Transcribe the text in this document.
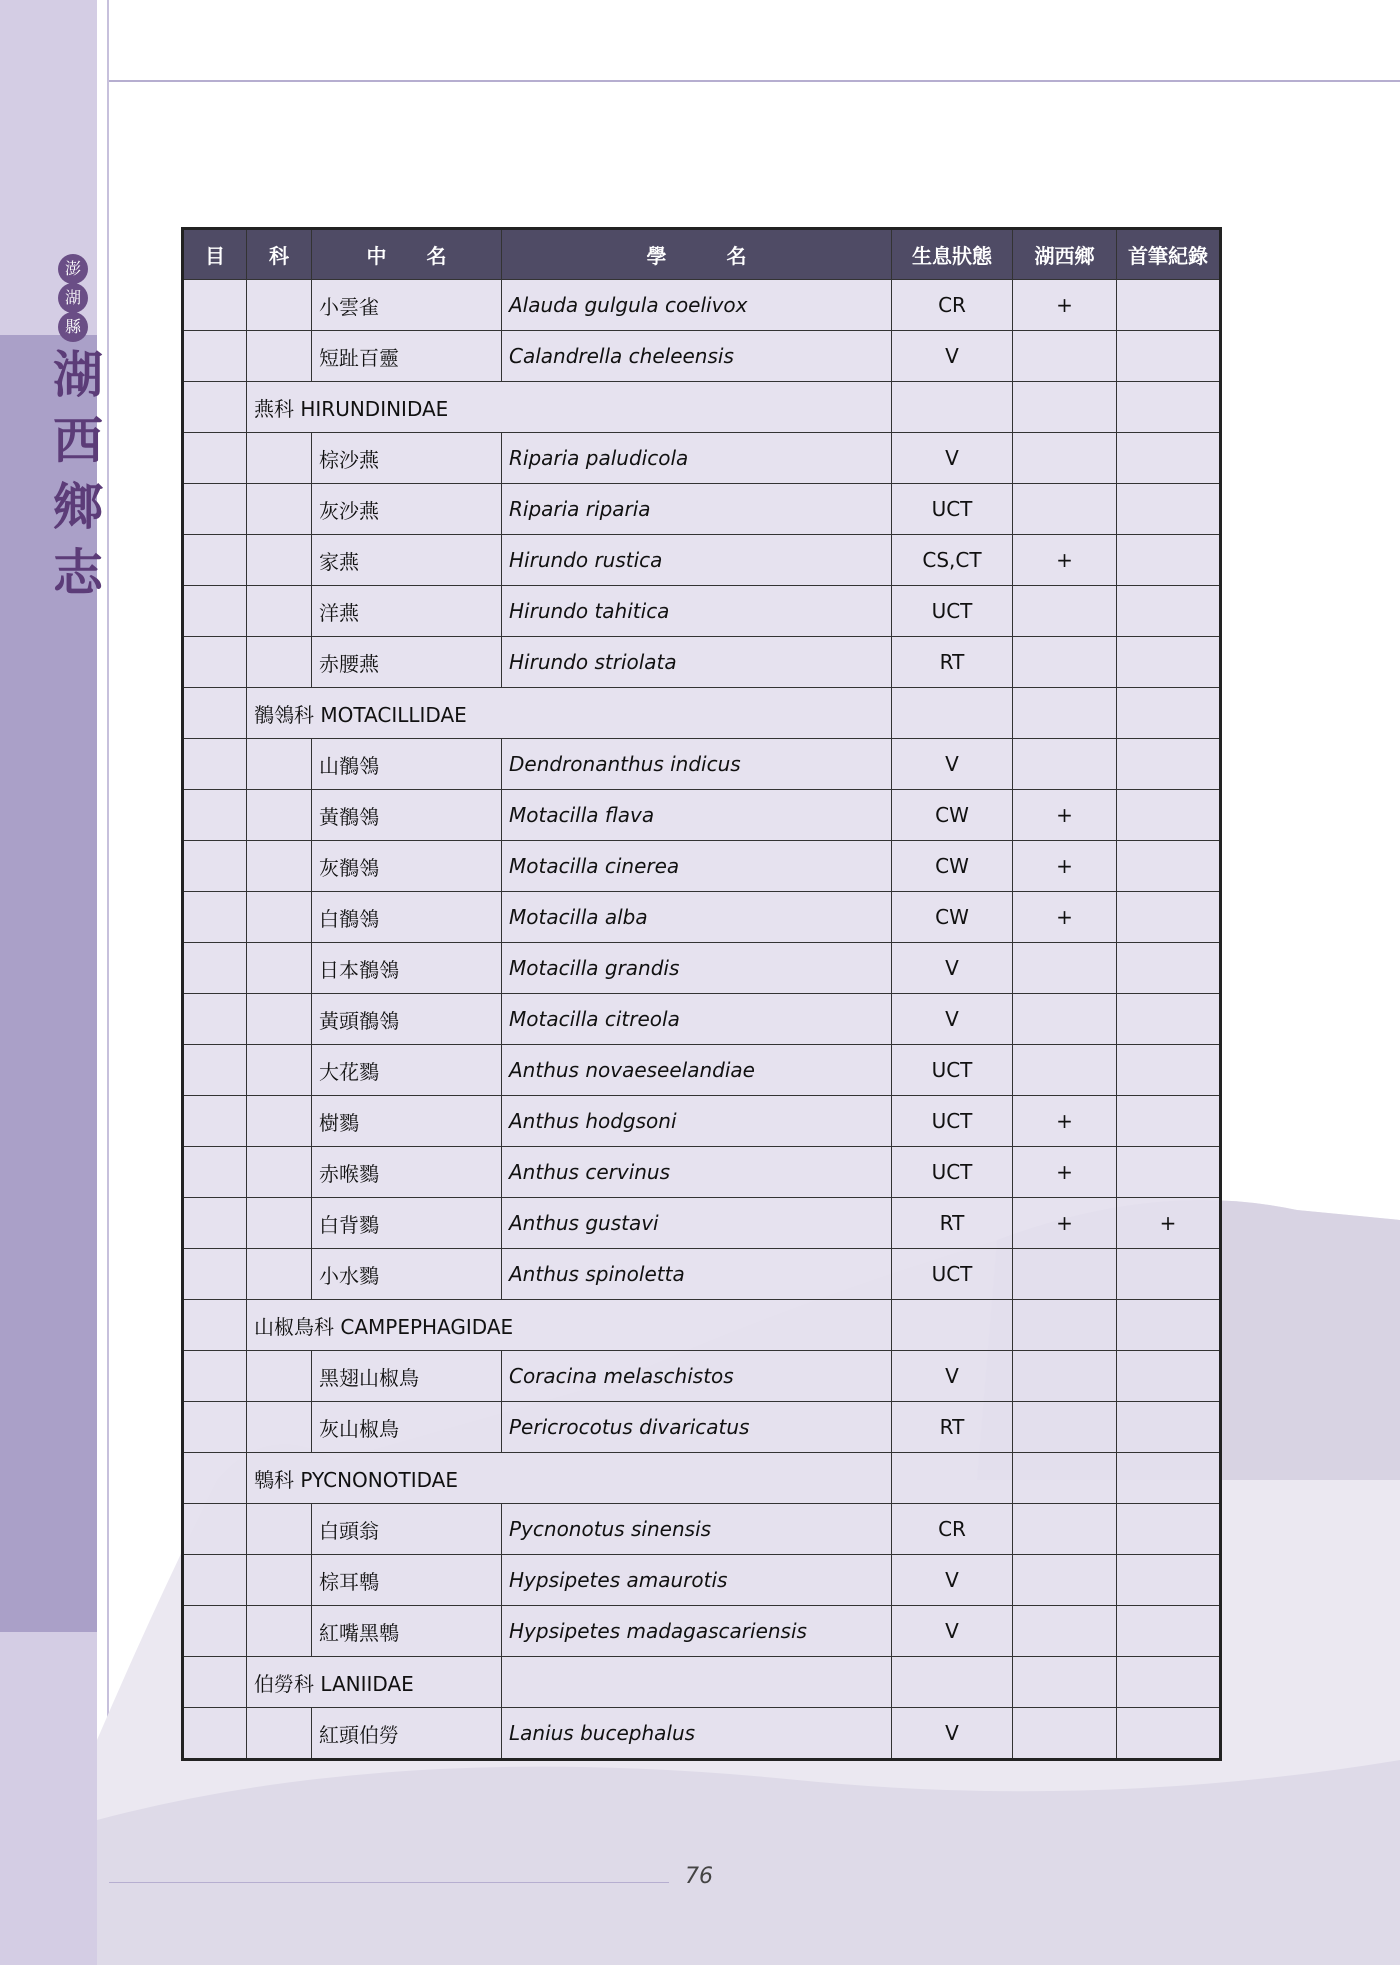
澎
湖
縣
湖
西
鄉
志
目	科	中　　名	學　　　名	生息狀態	湖西鄉	首筆紀錄
		小雲雀	Alauda gulgula coelivox	CR	+	
		短趾百靈	Calandrella cheleensis	V		
	燕科 HIRUNDINIDAE					
		棕沙燕	Riparia paludicola	V		
		灰沙燕	Riparia riparia	UCT		
		家燕	Hirundo rustica	CS,CT	+	
		洋燕	Hirundo tahitica	UCT		
		赤腰燕	Hirundo striolata	RT		
	鶺鴒科 MOTACILLIDAE					
		山鶺鴒	Dendronanthus indicus	V		
		黃鶺鴒	Motacilla flava	CW	+	
		灰鶺鴒	Motacilla cinerea	CW	+	
		白鶺鴒	Motacilla alba	CW	+	
		日本鶺鴒	Motacilla grandis	V		
		黃頭鶺鴒	Motacilla citreola	V		
		大花鷚	Anthus novaeseelandiae	UCT		
		樹鷚	Anthus hodgsoni	UCT	+	
		赤喉鷚	Anthus cervinus	UCT	+	
		白背鷚	Anthus gustavi	RT	+	+
		小水鷚	Anthus spinoletta	UCT		
	山椒鳥科 CAMPEPHAGIDAE					
		黑翅山椒鳥	Coracina melaschistos	V		
		灰山椒鳥	Pericrocotus divaricatus	RT		
	鵯科 PYCNONOTIDAE					
		白頭翁	Pycnonotus sinensis	CR		
		棕耳鵯	Hypsipetes amaurotis	V		
		紅嘴黑鵯	Hypsipetes madagascariensis	V		
	伯勞科 LANIIDAE					
		紅頭伯勞	Lanius bucephalus	V		
76
